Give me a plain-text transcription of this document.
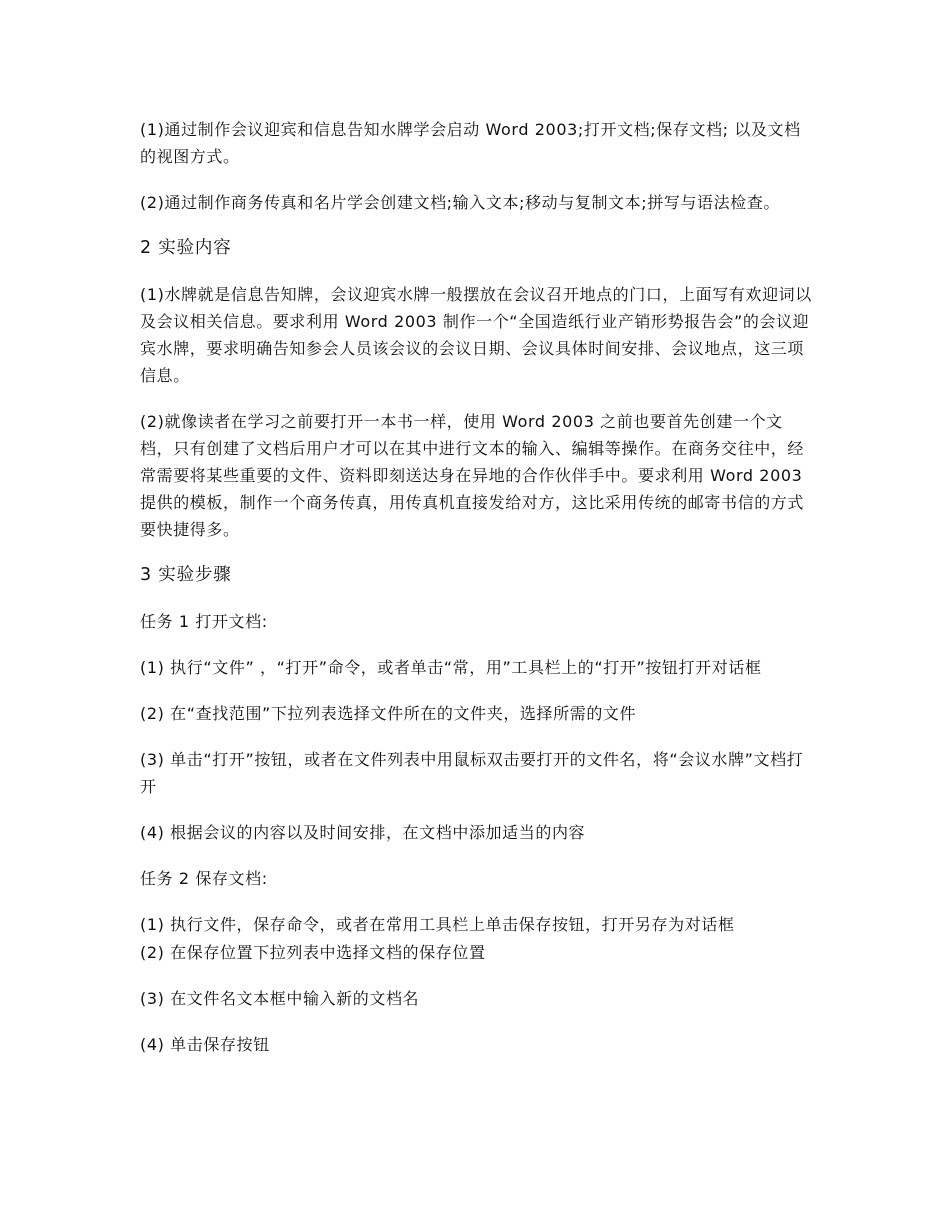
(1)通过制作会议迎宾和信息告知水牌学会启动 Word 2003;打开文档;保存文档; 以及文档的视图方式。

(2)通过制作商务传真和名片学会创建文档;输入文本;移动与复制文本;拼写与语法检查。

2 实验内容

(1)水牌就是信息告知牌，会议迎宾水牌一般摆放在会议召开地点的门口，上面写有欢迎词以及会议相关信息。要求利用 Word 2003 制作一个“全国造纸行业产销形势报告会”的会议迎宾水牌，要求明确告知参会人员该会议的会议日期、会议具体时间安排、会议地点，这三项信息。

(2)就像读者在学习之前要打开一本书一样，使用 Word 2003 之前也要首先创建一个文档，只有创建了文档后用户才可以在其中进行文本的输入、编辑等操作。在商务交往中，经常需要将某些重要的文件、资料即刻送达身在异地的合作伙伴手中。要求利用 Word 2003 提供的模板，制作一个商务传真，用传真机直接发给对方，这比采用传统的邮寄书信的方式要快捷得多。

3 实验步骤

任务 1 打开文档:

(1) 执行“文件” ，“打开”命令，或者单击“常，用”工具栏上的“打开”按钮打开对话框

(2) 在“查找范围”下拉列表选择文件所在的文件夹，选择所需的文件

(3) 单击“打开”按钮，或者在文件列表中用鼠标双击要打开的文件名，将“会议水牌”文档打开

(4) 根据会议的内容以及时间安排，在文档中添加适当的内容

任务 2 保存文档:

(1) 执行文件，保存命令，或者在常用工具栏上单击保存按钮，打开另存为对话框

(2) 在保存位置下拉列表中选择文档的保存位置

(3) 在文件名文本框中输入新的文档名

(4) 单击保存按钮
